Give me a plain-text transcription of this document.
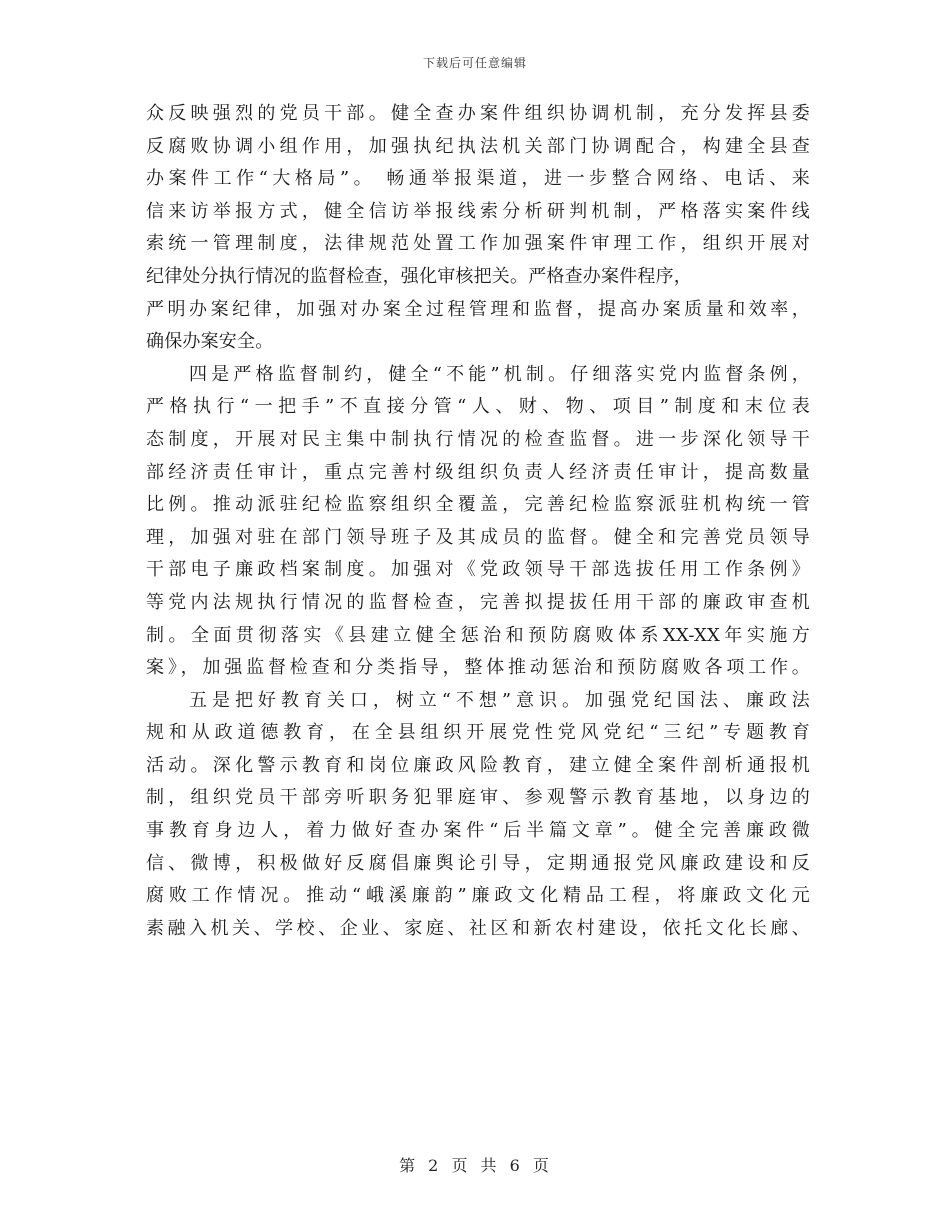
下载后可任意编辑
众反映强烈的党员干部。健全查办案件组织协调机制，充分发挥县委
反腐败协调小组作用，加强执纪执法机关部门协调配合，构建全县查
办案件工作“大格局”。 畅通举报渠道，进一步整合网络、电话、来
信来访举报方式，健全信访举报线索分析研判机制，严格落实案件线
索统一管理制度，法律规范处置工作加强案件审理工作，组织开展对
纪律处分执行情况的监督检查，强化审核把关。严格查办案件程序，
严明办案纪律，加强对办案全过程管理和监督，提高办案质量和效率，
确保办案安全。
四是严格监督制约，健全“不能”机制。仔细落实党内监督条例，
严格执行“一把手”不直接分管“人、财、物、项目”制度和末位表
态制度，开展对民主集中制执行情况的检查监督。进一步深化领导干
部经济责任审计，重点完善村级组织负责人经济责任审计，提高数量
比例。推动派驻纪检监察组织全覆盖，完善纪检监察派驻机构统一管
理，加强对驻在部门领导班子及其成员的监督。健全和完善党员领导
干部电子廉政档案制度。加强对《党政领导干部选拔任用工作条例》
等党内法规执行情况的监督检查，完善拟提拔任用干部的廉政审查机
制。全面贯彻落实《县建立健全惩治和预防腐败体系XX-XX年实施方
案》，加强监督检查和分类指导，整体推动惩治和预防腐败各项工作。
五是把好教育关口，树立“不想”意识。加强党纪国法、廉政法
规和从政道德教育，在全县组织开展党性党风党纪“三纪”专题教育
活动。深化警示教育和岗位廉政风险教育，建立健全案件剖析通报机
制，组织党员干部旁听职务犯罪庭审、参观警示教育基地，以身边的
事教育身边人，着力做好查办案件“后半篇文章”。健全完善廉政微
信、微博，积极做好反腐倡廉舆论引导，定期通报党风廉政建设和反
腐败工作情况。推动“峨溪廉韵”廉政文化精品工程，将廉政文化元
素融入机关、学校、企业、家庭、社区和新农村建设，依托文化长廊、
第 2 页 共 6 页
